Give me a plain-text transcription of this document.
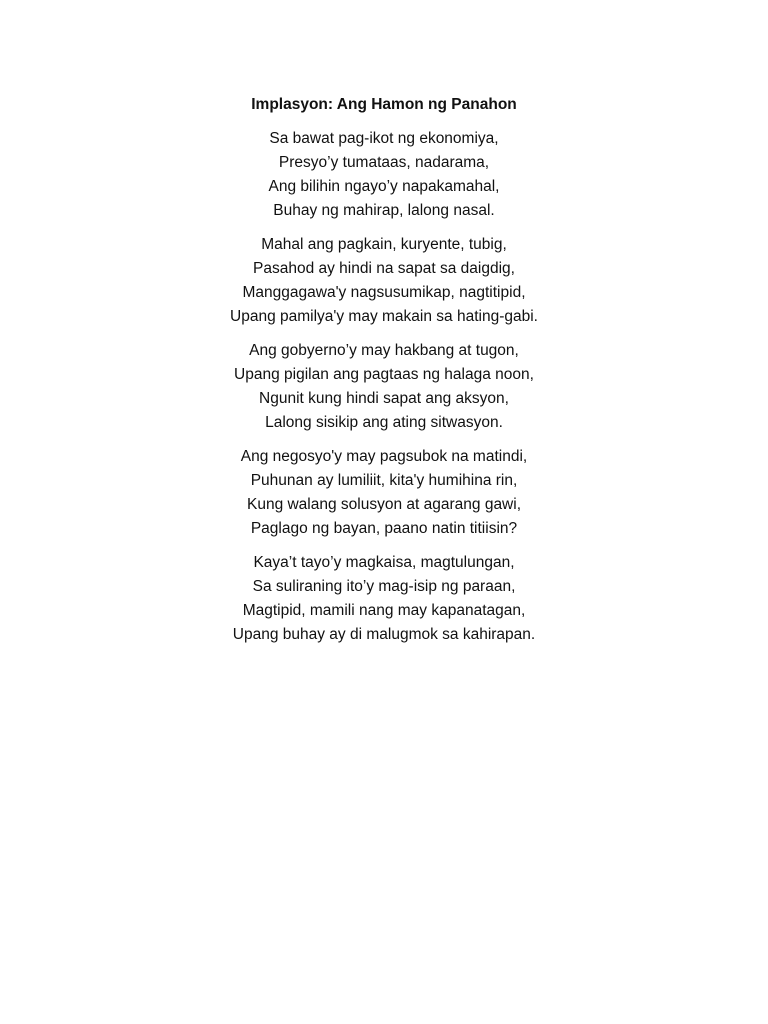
Implasyon: Ang Hamon ng Panahon
Sa bawat pag-ikot ng ekonomiya,
Presyo’y tumataas, nadarama,
Ang bilihin ngayo’y napakamahal,
Buhay ng mahirap, lalong nasal.
Mahal ang pagkain, kuryente, tubig,
Pasahod ay hindi na sapat sa daigdig,
Manggagawa'y nagsusumikap, nagtitipid,
Upang pamilya'y may makain sa hating-gabi.
Ang gobyerno’y may hakbang at tugon,
Upang pigilan ang pagtaas ng halaga noon,
Ngunit kung hindi sapat ang aksyon,
Lalong sisikip ang ating sitwasyon.
Ang negosyo'y may pagsubok na matindi,
Puhunan ay lumiliit, kita'y humihina rin,
Kung walang solusyon at agarang gawi,
Paglago ng bayan, paano natin titiisin?
Kaya’t tayo’y magkaisa, magtulungan,
Sa suliraning ito’y mag-isip ng paraan,
Magtipid, mamili nang may kapanatagan,
Upang buhay ay di malugmok sa kahirapan.
